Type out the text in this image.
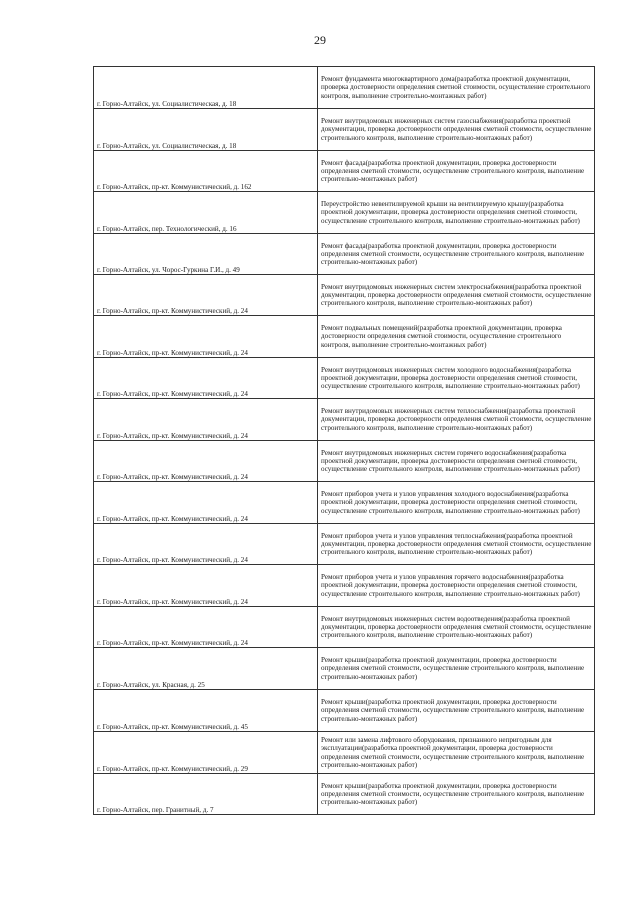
29
г. Горно-Алтайск, ул. Социалистическая, д. 18	Ремонт фундамента многоквартирного дома(разработка проектной документации, проверка достоверности определения сметной стоимости, осуществление строительного контроля, выполнение строительно-монтажных работ)
г. Горно-Алтайск, ул. Социалистическая, д. 18	Ремонт внутридомовых инженерных систем газоснабжения(разработка проектной документации, проверка достоверности определения сметной стоимости, осуществление строительного контроля, выполнение строительно-монтажных работ)
г. Горно-Алтайск, пр-кт. Коммунистический, д. 162	Ремонт фасада(разработка проектной документации, проверка достоверности определения сметной стоимости, осуществление строительного контроля, выполнение строительно-монтажных работ)
г. Горно-Алтайск, пер. Технологический, д. 16	Переустройство невентилируемой крыши на вентилируемую крышу(разработка проектной документации, проверка достоверности определения сметной стоимости, осуществление строительного контроля, выполнение строительно-монтажных работ)
г. Горно-Алтайск, ул. Чорос-Гуркина Г.И., д. 49	Ремонт фасада(разработка проектной документации, проверка достоверности определения сметной стоимости, осуществление строительного контроля, выполнение строительно-монтажных работ)
г. Горно-Алтайск, пр-кт. Коммунистический, д. 24	Ремонт внутридомовых инженерных систем электроснабжения(разработка проектной документации, проверка достоверности определения сметной стоимости, осуществление строительного контроля, выполнение строительно-монтажных работ)
г. Горно-Алтайск, пр-кт. Коммунистический, д. 24	Ремонт подвальных помещений(разработка проектной документации, проверка достоверности определения сметной стоимости, осуществление строительного контроля, выполнение строительно-монтажных работ)
г. Горно-Алтайск, пр-кт. Коммунистический, д. 24	Ремонт внутридомовых инженерных систем холодного водоснабжения(разработка проектной документации, проверка достоверности определения сметной стоимости, осуществление строительного контроля, выполнение строительно-монтажных работ)
г. Горно-Алтайск, пр-кт. Коммунистический, д. 24	Ремонт внутридомовых инженерных систем теплоснабжения(разработка проектной документации, проверка достоверности определения сметной стоимости, осуществление строительного контроля, выполнение строительно-монтажных работ)
г. Горно-Алтайск, пр-кт. Коммунистический, д. 24	Ремонт внутридомовых инженерных систем горячего водоснабжения(разработка проектной документации, проверка достоверности определения сметной стоимости, осуществление строительного контроля, выполнение строительно-монтажных работ)
г. Горно-Алтайск, пр-кт. Коммунистический, д. 24	Ремонт приборов учета и узлов управления холодного водоснабжения(разработка проектной документации, проверка достоверности определения сметной стоимости, осуществление строительного контроля, выполнение строительно-монтажных работ)
г. Горно-Алтайск, пр-кт. Коммунистический, д. 24	Ремонт приборов учета и узлов управления теплоснабжения(разработка проектной документации, проверка достоверности определения сметной стоимости, осуществление строительного контроля, выполнение строительно-монтажных работ)
г. Горно-Алтайск, пр-кт. Коммунистический, д. 24	Ремонт приборов учета и узлов управления горячего водоснабжения(разработка проектной документации, проверка достоверности определения сметной стоимости, осуществление строительного контроля, выполнение строительно-монтажных работ)
г. Горно-Алтайск, пр-кт. Коммунистический, д. 24	Ремонт внутридомовых инженерных систем водоотведения(разработка проектной документации, проверка достоверности определения сметной стоимости, осуществление строительного контроля, выполнение строительно-монтажных работ)
г. Горно-Алтайск, ул. Красная, д. 25	Ремонт крыши(разработка проектной документации, проверка достоверности определения сметной стоимости, осуществление строительного контроля, выполнение строительно-монтажных работ)
г. Горно-Алтайск, пр-кт. Коммунистический, д. 45	Ремонт крыши(разработка проектной документации, проверка достоверности определения сметной стоимости, осуществление строительного контроля, выполнение строительно-монтажных работ)
г. Горно-Алтайск, пр-кт. Коммунистический, д. 29	Ремонт или замена лифтового оборудования, признанного непригодным для эксплуатации(разработка проектной документации, проверка достоверности определения сметной стоимости, осуществление строительного контроля, выполнение строительно-монтажных работ)
г. Горно-Алтайск, пер. Гранитный, д. 7	Ремонт крыши(разработка проектной документации, проверка достоверности определения сметной стоимости, осуществление строительного контроля, выполнение строительно-монтажных работ)
